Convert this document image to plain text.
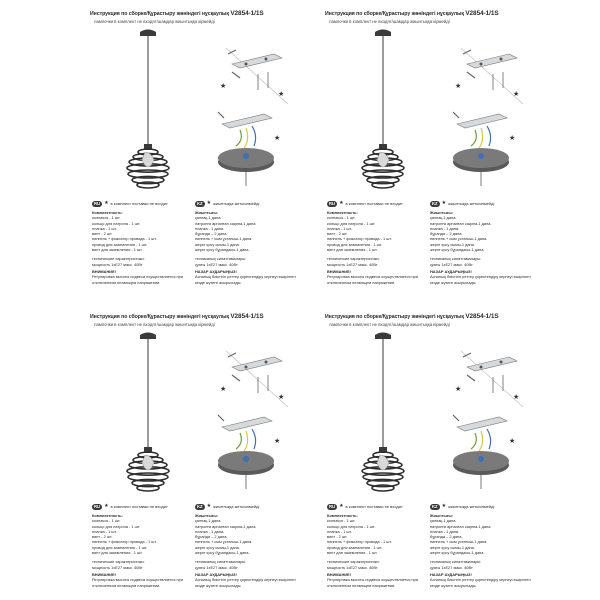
Инструкция по сборке/Құрастыру жөніндегі нұсқаулық V2854-1/1S
лампочки в комплект не входят/шамдар жиынтыққа кірмейді
★
★
★
RU ★ в комплект поставки не входит
Комплектность:
колпачок - 1 шт.
кольцо для патрона - 1 шт.
планка - 1 шт.
винт - 2 шт.
ниппель + фиксатор провода - 1 шт.
провод для заземления - 1 шт.
винт для заземления - 1 шт.
технические характеристики:
мощность 1хE27 макс. 40Вт
ВНИМАНИЕ!
Регулировка высоты подвеса осуществляется при отключенном питающем напряжении.
KZ ★ жиынтыққа жеткізілмейді
Жиынтығы:
қалпақ-1 дана.
патронға арналған сақина-1 дана.
планка - 1 дана.
бұранда – 2 дана.
ниппель + сым ұстағыш-1 дана.
жерге қосу сымы-1 дана.
жерге қосу бұрандасы-1 дана.
техникалық сипаттамалары:
қуаты 1хE27 макс. 40Вт
НАЗАР АУДАРЫҢЫЗ!
Аспаның биіктігін реттеу қоректендіру кернеуі өшірілген кезде жүзеге асырылады.
Инструкция по сборке/Құрастыру жөніндегі нұсқаулық V2854-1/1S
лампочки в комплект не входят/шамдар жиынтыққа кірмейді
★
★
★
RU ★ в комплект поставки не входит
Комплектность:
колпачок - 1 шт.
кольцо для патрона - 1 шт.
планка - 1 шт.
винт - 2 шт.
ниппель + фиксатор провода - 1 шт.
провод для заземления - 1 шт.
винт для заземления - 1 шт.
технические характеристики:
мощность 1хE27 макс. 40Вт
ВНИМАНИЕ!
Регулировка высоты подвеса осуществляется при отключенном питающем напряжении.
KZ ★ жиынтыққа жеткізілмейді
Жиынтығы:
қалпақ-1 дана.
патронға арналған сақина-1 дана.
планка - 1 дана.
бұранда – 2 дана.
ниппель + сым ұстағыш-1 дана.
жерге қосу сымы-1 дана.
жерге қосу бұрандасы-1 дана.
техникалық сипаттамалары:
қуаты 1хE27 макс. 40Вт
НАЗАР АУДАРЫҢЫЗ!
Аспаның биіктігін реттеу қоректендіру кернеуі өшірілген кезде жүзеге асырылады.
Инструкция по сборке/Құрастыру жөніндегі нұсқаулық V2854-1/1S
лампочки в комплект не входят/шамдар жиынтыққа кірмейді
★
★
★
RU ★ в комплект поставки не входит
Комплектность:
колпачок - 1 шт.
кольцо для патрона - 1 шт.
планка - 1 шт.
винт - 2 шт.
ниппель + фиксатор провода - 1 шт.
провод для заземления - 1 шт.
винт для заземления - 1 шт.
технические характеристики:
мощность 1хE27 макс. 40Вт
ВНИМАНИЕ!
Регулировка высоты подвеса осуществляется при отключенном питающем напряжении.
KZ ★ жиынтыққа жеткізілмейді
Жиынтығы:
қалпақ-1 дана.
патронға арналған сақина-1 дана.
планка - 1 дана.
бұранда – 2 дана.
ниппель + сым ұстағыш-1 дана.
жерге қосу сымы-1 дана.
жерге қосу бұрандасы-1 дана.
техникалық сипаттамалары:
қуаты 1хE27 макс. 40Вт
НАЗАР АУДАРЫҢЫЗ!
Аспаның биіктігін реттеу қоректендіру кернеуі өшірілген кезде жүзеге асырылады.
Инструкция по сборке/Құрастыру жөніндегі нұсқаулық V2854-1/1S
лампочки в комплект не входят/шамдар жиынтыққа кірмейді
★
★
★
RU ★ в комплект поставки не входит
Комплектность:
колпачок - 1 шт.
кольцо для патрона - 1 шт.
планка - 1 шт.
винт - 2 шт.
ниппель + фиксатор провода - 1 шт.
провод для заземления - 1 шт.
винт для заземления - 1 шт.
технические характеристики:
мощность 1хE27 макс. 40Вт
ВНИМАНИЕ!
Регулировка высоты подвеса осуществляется при отключенном питающем напряжении.
KZ ★ жиынтыққа жеткізілмейді
Жиынтығы:
қалпақ-1 дана.
патронға арналған сақина-1 дана.
планка - 1 дана.
бұранда – 2 дана.
ниппель + сым ұстағыш-1 дана.
жерге қосу сымы-1 дана.
жерге қосу бұрандасы-1 дана.
техникалық сипаттамалары:
қуаты 1хE27 макс. 40Вт
НАЗАР АУДАРЫҢЫЗ!
Аспаның биіктігін реттеу қоректендіру кернеуі өшірілген кезде жүзеге асырылады.
